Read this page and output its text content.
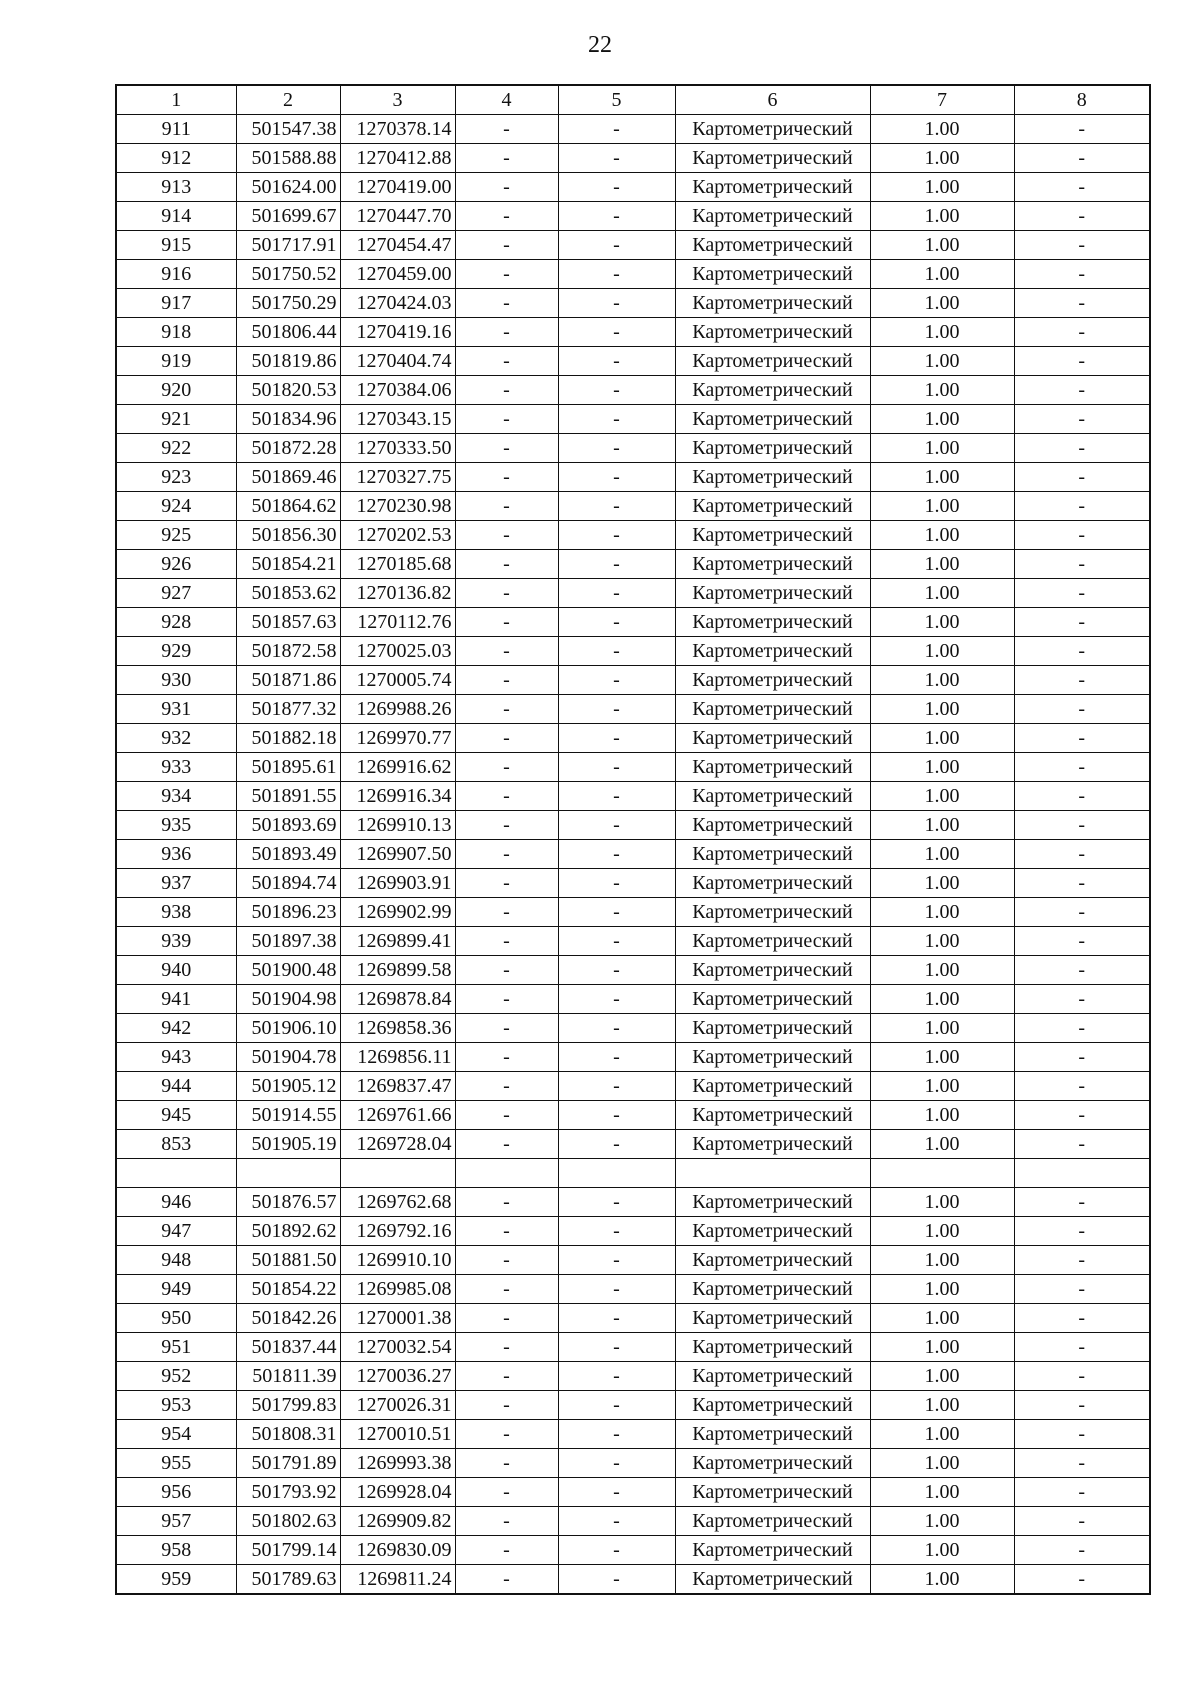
22
1	2	3	4	5	6	7	8
911	501547.38	1270378.14	-	-	Картометрический	1.00	-
912	501588.88	1270412.88	-	-	Картометрический	1.00	-
913	501624.00	1270419.00	-	-	Картометрический	1.00	-
914	501699.67	1270447.70	-	-	Картометрический	1.00	-
915	501717.91	1270454.47	-	-	Картометрический	1.00	-
916	501750.52	1270459.00	-	-	Картометрический	1.00	-
917	501750.29	1270424.03	-	-	Картометрический	1.00	-
918	501806.44	1270419.16	-	-	Картометрический	1.00	-
919	501819.86	1270404.74	-	-	Картометрический	1.00	-
920	501820.53	1270384.06	-	-	Картометрический	1.00	-
921	501834.96	1270343.15	-	-	Картометрический	1.00	-
922	501872.28	1270333.50	-	-	Картометрический	1.00	-
923	501869.46	1270327.75	-	-	Картометрический	1.00	-
924	501864.62	1270230.98	-	-	Картометрический	1.00	-
925	501856.30	1270202.53	-	-	Картометрический	1.00	-
926	501854.21	1270185.68	-	-	Картометрический	1.00	-
927	501853.62	1270136.82	-	-	Картометрический	1.00	-
928	501857.63	1270112.76	-	-	Картометрический	1.00	-
929	501872.58	1270025.03	-	-	Картометрический	1.00	-
930	501871.86	1270005.74	-	-	Картометрический	1.00	-
931	501877.32	1269988.26	-	-	Картометрический	1.00	-
932	501882.18	1269970.77	-	-	Картометрический	1.00	-
933	501895.61	1269916.62	-	-	Картометрический	1.00	-
934	501891.55	1269916.34	-	-	Картометрический	1.00	-
935	501893.69	1269910.13	-	-	Картометрический	1.00	-
936	501893.49	1269907.50	-	-	Картометрический	1.00	-
937	501894.74	1269903.91	-	-	Картометрический	1.00	-
938	501896.23	1269902.99	-	-	Картометрический	1.00	-
939	501897.38	1269899.41	-	-	Картометрический	1.00	-
940	501900.48	1269899.58	-	-	Картометрический	1.00	-
941	501904.98	1269878.84	-	-	Картометрический	1.00	-
942	501906.10	1269858.36	-	-	Картометрический	1.00	-
943	501904.78	1269856.11	-	-	Картометрический	1.00	-
944	501905.12	1269837.47	-	-	Картометрический	1.00	-
945	501914.55	1269761.66	-	-	Картометрический	1.00	-
853	501905.19	1269728.04	-	-	Картометрический	1.00	-

946	501876.57	1269762.68	-	-	Картометрический	1.00	-
947	501892.62	1269792.16	-	-	Картометрический	1.00	-
948	501881.50	1269910.10	-	-	Картометрический	1.00	-
949	501854.22	1269985.08	-	-	Картометрический	1.00	-
950	501842.26	1270001.38	-	-	Картометрический	1.00	-
951	501837.44	1270032.54	-	-	Картометрический	1.00	-
952	501811.39	1270036.27	-	-	Картометрический	1.00	-
953	501799.83	1270026.31	-	-	Картометрический	1.00	-
954	501808.31	1270010.51	-	-	Картометрический	1.00	-
955	501791.89	1269993.38	-	-	Картометрический	1.00	-
956	501793.92	1269928.04	-	-	Картометрический	1.00	-
957	501802.63	1269909.82	-	-	Картометрический	1.00	-
958	501799.14	1269830.09	-	-	Картометрический	1.00	-
959	501789.63	1269811.24	-	-	Картометрический	1.00	-
